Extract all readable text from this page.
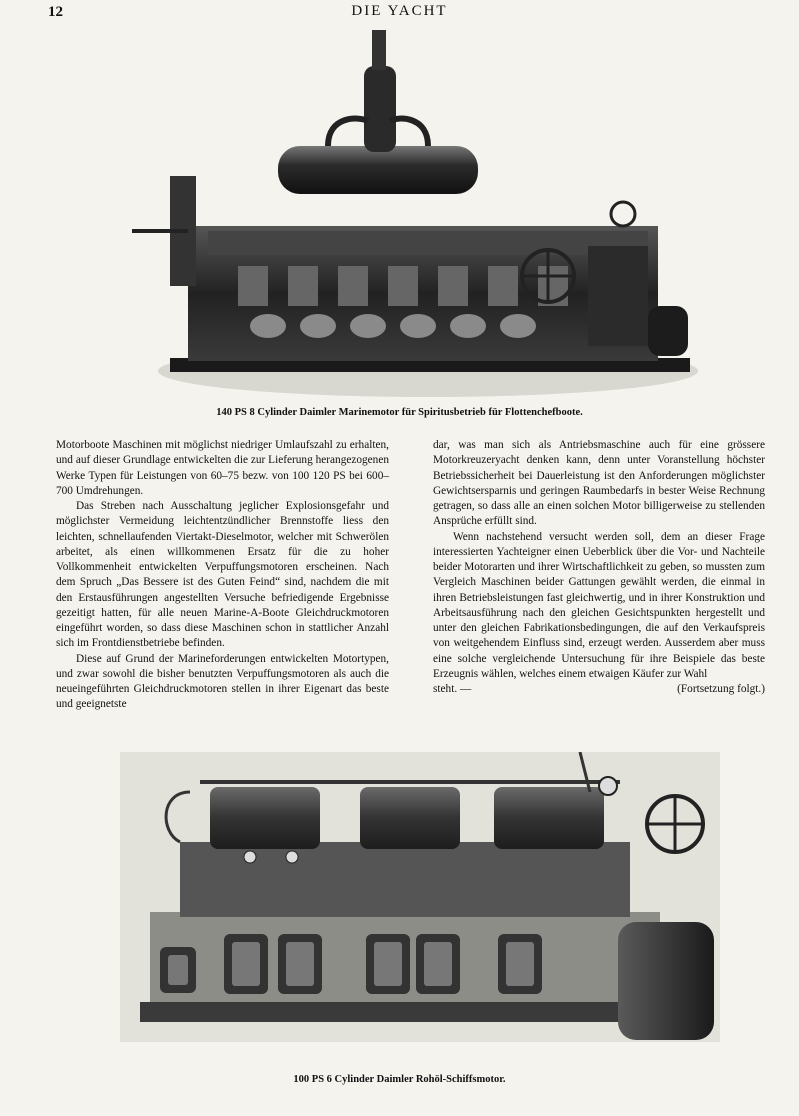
12	DIE YACHT
140 PS 8 Cylinder Daimler Marinemotor für Spiritusbetrieb für Flottenchefboote.

Motorboote Maschinen mit möglichst niedriger Umlaufszahl zu erhalten, und auf dieser Grundlage entwickelten die zur Lieferung herangezogenen Werke Typen für Leistungen von 60–75 bezw. von 100 120 PS bei 600–700 Umdrehungen.

Das Streben nach Ausschaltung jeglicher Explosionsgefahr und möglichster Vermeidung leichtentzündlicher Brennstoffe liess den leichten, schnellaufenden Viertakt-Dieselmotor, welcher mit Schwerölen arbeitet, als einen willkommenen Ersatz für die zu hoher Vollkommenheit entwickelten Verpuffungsmotoren erscheinen. Nach dem Spruch „Das Bessere ist des Guten Feind“ sind, nachdem die mit den Erstausführungen angestellten Versuche befriedigende Ergebnisse gezeitigt hatten, für alle neuen Marine-A-Boote Gleichdruckmotoren eingeführt worden, so dass diese Maschinen schon in stattlicher Anzahl sich im Frontdienstbetriebe befinden.

Diese auf Grund der Marineforderungen entwickelten Motortypen, und zwar sowohl die bisher benutzten Verpuffungsmotoren als auch die neueingeführten Gleichdruckmotoren stellen in ihrer Eigenart das beste und geeignetste

dar, was man sich als Antriebsmaschine auch für eine grössere Motorkreuzeryacht denken kann, denn unter Voranstellung höchster Betriebssicherheit bei Dauerleistung ist den Anforderungen möglichster Gewichtsersparnis und geringen Raumbedarfs in bester Weise Rechnung getragen, so dass alle an einen solchen Motor billigerweise zu stellenden Ansprüche erfüllt sind.

Wenn nachstehend versucht werden soll, dem an dieser Frage interessierten Yachteigner einen Ueberblick über die Vor- und Nachteile beider Motorarten und ihrer Wirtschaftlichkeit zu geben, so mussten zum Vergleich Maschinen beider Gattungen gewählt werden, die einmal in ihren Betriebsleistungen fast gleichwertig, und in ihrer Konstruktion und Arbeitsausführung nach den gleichen Gesichtspunkten hergestellt und unter den gleichen Fabrikationsbedingungen, die auf den Verkaufspreis von weitgehendem Einfluss sind, erzeugt werden. Ausserdem aber muss eine solche vergleichende Untersuchung für ihre Beispiele das beste Erzeugnis wählen, welches einem etwaigen Käufer zur Wahl

steht. —	(Fortsetzung folgt.)
100 PS 6 Cylinder Daimler Rohöl-Schiffsmotor.
